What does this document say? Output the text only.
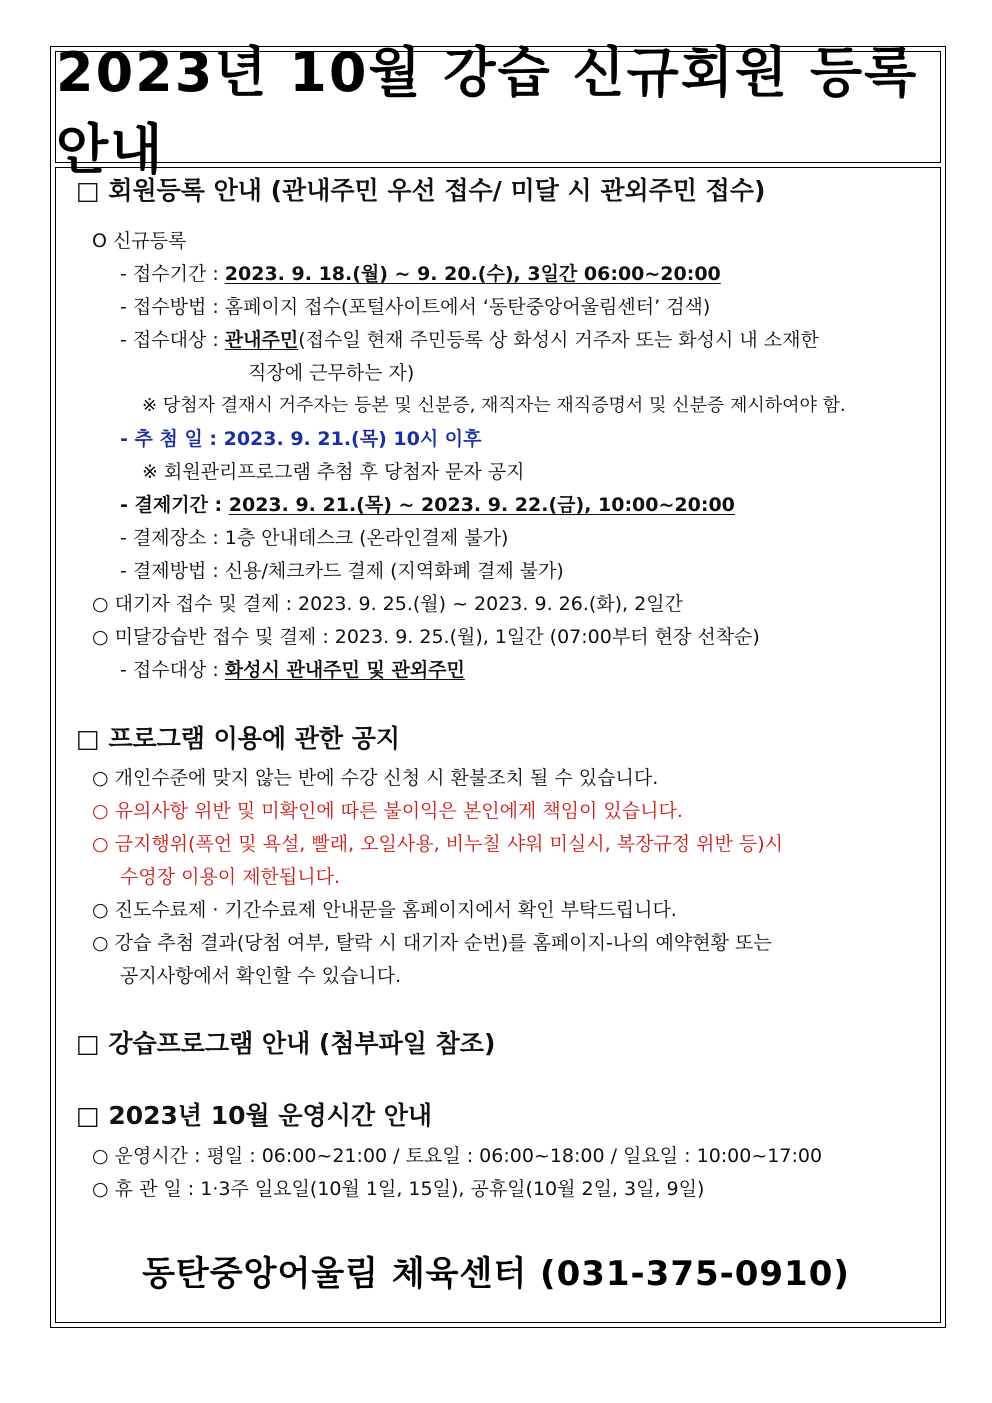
2023년 10월 강습 신규회원 등록 안내
□ 회원등록 안내 (관내주민 우선 접수/ 미달 시 관외주민 접수)
O 신규등록
- 접수기간 : 2023. 9. 18.(월) ~ 9. 20.(수), 3일간 06:00~20:00
- 접수방법 : 홈페이지 접수(포털사이트에서 ‘동탄중앙어울림센터’ 검색)
- 접수대상 : 관내주민(접수일 현재 주민등록 상 화성시 거주자 또는 화성시 내 소재한
직장에 근무하는 자)
※ 당첨자 결재시 거주자는 등본 및 신분증, 재직자는 재직증명서 및 신분증 제시하여야 함.
- 추 첨 일 : 2023. 9. 21.(목) 10시 이후
※ 회원관리프로그램 추첨 후 당첨자 문자 공지
- 결제기간 : 2023. 9. 21.(목) ~ 2023. 9. 22.(금), 10:00~20:00
- 결제장소 : 1층 안내데스크 (온라인결제 불가)
- 결제방법 : 신용/체크카드 결제 (지역화폐 결제 불가)
○ 대기자 접수 및 결제 : 2023. 9. 25.(월) ~ 2023. 9. 26.(화), 2일간
○ 미달강습반 접수 및 결제 : 2023. 9. 25.(월), 1일간 (07:00부터 현장 선착순)
- 접수대상 : 화성시 관내주민 및 관외주민
□ 프로그램 이용에 관한 공지
○ 개인수준에 맞지 않는 반에 수강 신청 시 환불조치 될 수 있습니다.
○ 유의사항 위반 및 미확인에 따른 불이익은 본인에게 책임이 있습니다.
○ 금지행위(폭언 및 욕설, 빨래, 오일사용, 비누칠 샤워 미실시, 복장규정 위반 등)시
수영장 이용이 제한됩니다.
○ 진도수료제 · 기간수료제 안내문을 홈페이지에서 확인 부탁드립니다.
○ 강습 추첨 결과(당첨 여부, 탈락 시 대기자 순번)를 홈페이지-나의 예약현황 또는
공지사항에서 확인할 수 있습니다.
□ 강습프로그램 안내 (첨부파일 참조)
□ 2023년 10월 운영시간 안내
○ 운영시간 : 평일 : 06:00~21:00 / 토요일 : 06:00~18:00 / 일요일 : 10:00~17:00
○ 휴 관 일 : 1·3주 일요일(10월 1일, 15일), 공휴일(10월 2일, 3일, 9일)
동탄중앙어울림 체육센터 (031-375-0910)
